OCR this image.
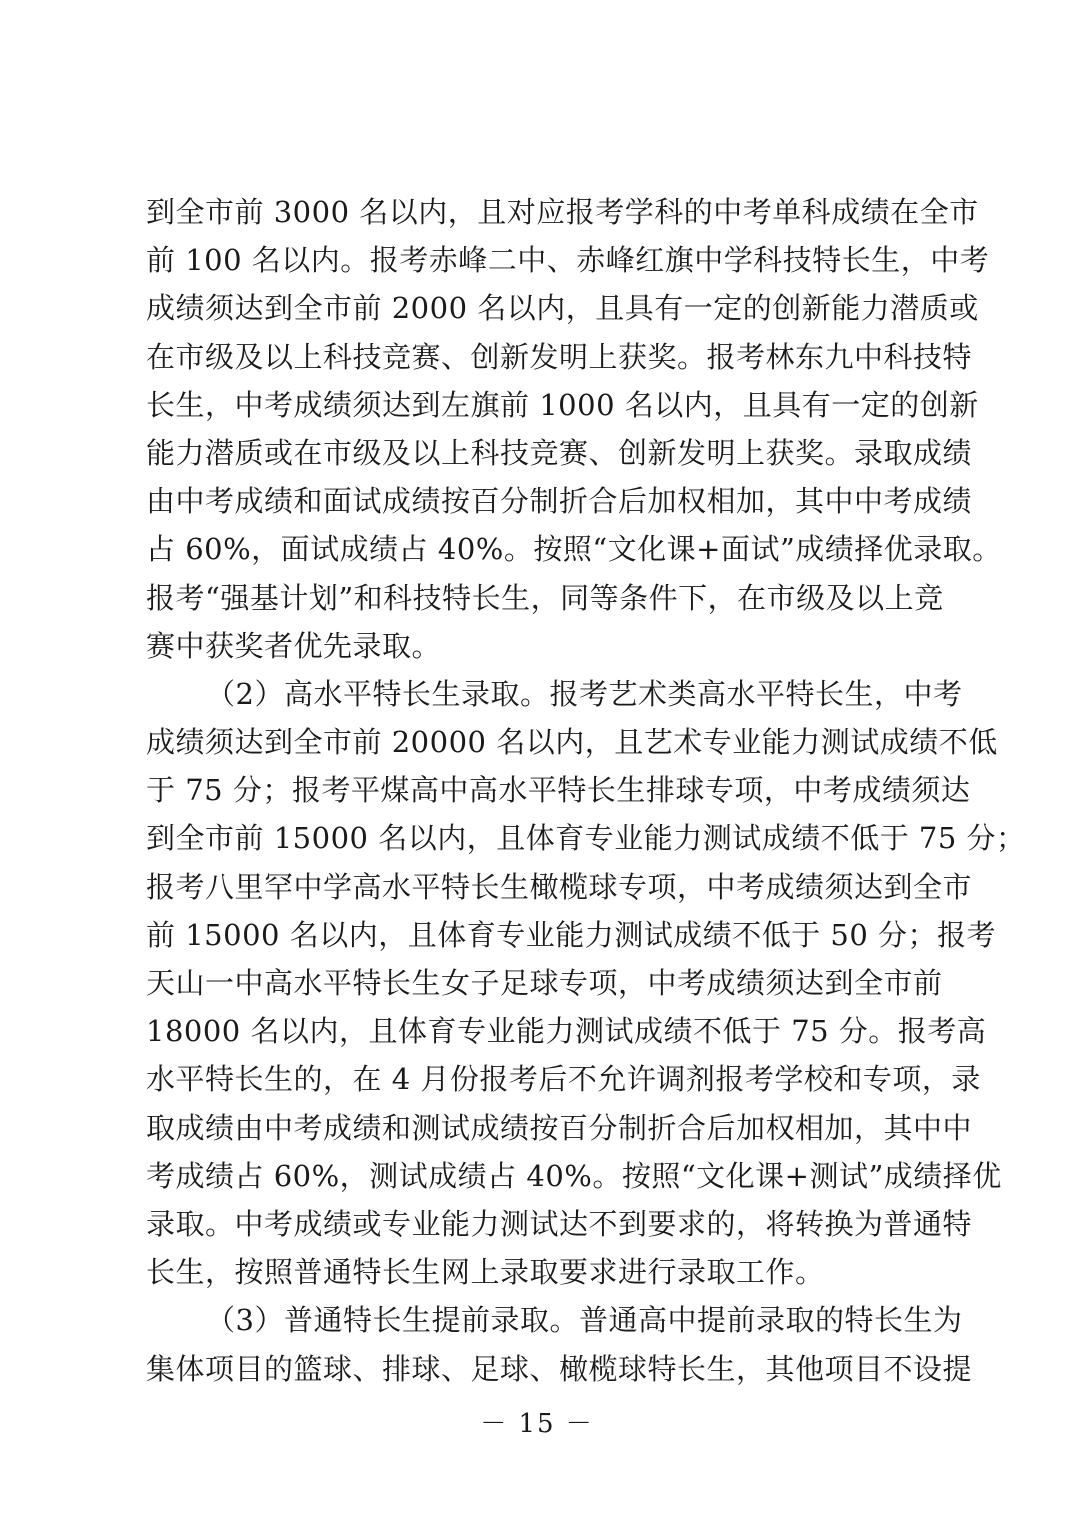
到全市前 3000 名以内，且对应报考学科的中考单科成绩在全市
前 100 名以内。报考赤峰二中、赤峰红旗中学科技特长生，中考
成绩须达到全市前 2000 名以内，且具有一定的创新能力潜质或
在市级及以上科技竞赛、创新发明上获奖。报考林东九中科技特
长生，中考成绩须达到左旗前 1000 名以内，且具有一定的创新
能力潜质或在市级及以上科技竞赛、创新发明上获奖。录取成绩
由中考成绩和面试成绩按百分制折合后加权相加，其中中考成绩
占 60%，面试成绩占 40%。按照“文化课+面试”成绩择优录取。
报考“强基计划”和科技特长生，同等条件下，在市级及以上竞
赛中获奖者优先录取。
（2）高水平特长生录取。报考艺术类高水平特长生，中考
成绩须达到全市前 20000 名以内，且艺术专业能力测试成绩不低
于 75 分；报考平煤高中高水平特长生排球专项，中考成绩须达
到全市前 15000 名以内，且体育专业能力测试成绩不低于 75 分；
报考八里罕中学高水平特长生橄榄球专项，中考成绩须达到全市
前 15000 名以内，且体育专业能力测试成绩不低于 50 分；报考
天山一中高水平特长生女子足球专项，中考成绩须达到全市前
18000 名以内，且体育专业能力测试成绩不低于 75 分。报考高
水平特长生的，在 4 月份报考后不允许调剂报考学校和专项，录
取成绩由中考成绩和测试成绩按百分制折合后加权相加，其中中
考成绩占 60%，测试成绩占 40%。按照“文化课+测试”成绩择优
录取。中考成绩或专业能力测试达不到要求的，将转换为普通特
长生，按照普通特长生网上录取要求进行录取工作。
（3）普通特长生提前录取。普通高中提前录取的特长生为
集体项目的篮球、排球、足球、橄榄球特长生，其他项目不设提
－ 15 －
